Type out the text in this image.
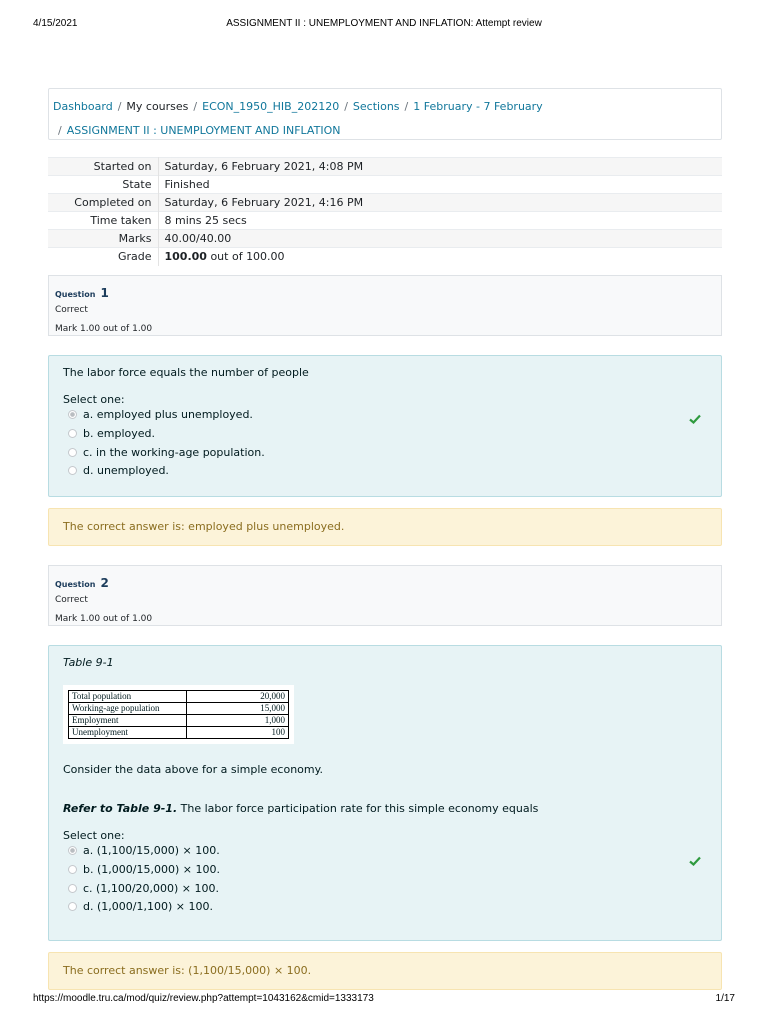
4/15/2021	ASSIGNMENT II : UNEMPLOYMENT AND INFLATION: Attempt review
Dashboard / My courses / ECON_1950_HIB_202120 / Sections / 1 February - 7 February
/ ASSIGNMENT II : UNEMPLOYMENT AND INFLATION
Started on	Saturday, 6 February 2021, 4:08 PM
State	Finished
Completed on	Saturday, 6 February 2021, 4:16 PM
Time taken	8 mins 25 secs
Marks	40.00/40.00
Grade	100.00 out of 100.00
Question 1
Correct
Mark 1.00 out of 1.00
The labor force equals the number of people
Select one:
a. employed plus unemployed.
b. employed.
c. in the working-age population.
d. unemployed.
The correct answer is: employed plus unemployed.
Question 2
Correct
Mark 1.00 out of 1.00
Table 9-1
Total population	20,000
Working-age population	15,000
Employment	1,000
Unemployment	100
Consider the data above for a simple economy.
Refer to Table 9-1. The labor force participation rate for this simple economy equals
Select one:
a. (1,100/15,000) × 100.
b. (1,000/15,000) × 100.
c. (1,100/20,000) × 100.
d. (1,000/1,100) × 100.
The correct answer is: (1,100/15,000) × 100.
https://moodle.tru.ca/mod/quiz/review.php?attempt=1043162&cmid=1333173	1/17
